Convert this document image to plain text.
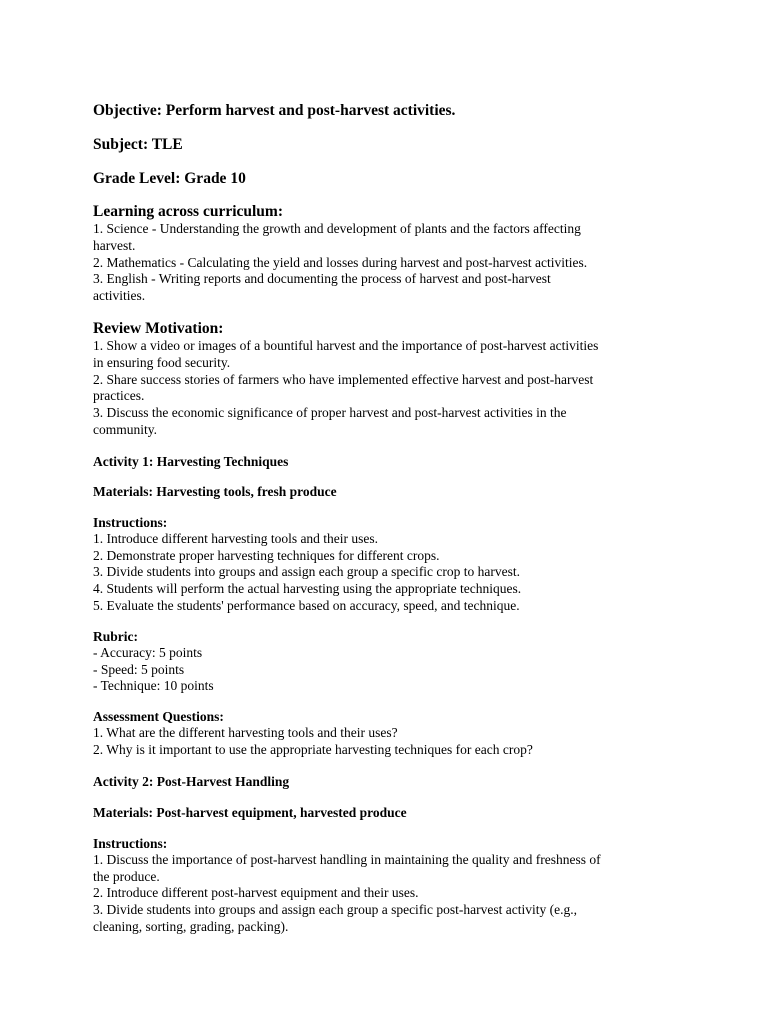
Objective: Perform harvest and post-harvest activities.

Subject: TLE

Grade Level: Grade 10

Learning across curriculum:

1. Science - Understanding the growth and development of plants and the factors affecting

harvest.

2. Mathematics - Calculating the yield and losses during harvest and post-harvest activities.

3. English - Writing reports and documenting the process of harvest and post-harvest

activities.

Review Motivation:

1. Show a video or images of a bountiful harvest and the importance of post-harvest activities

in ensuring food security.

2. Share success stories of farmers who have implemented effective harvest and post-harvest

practices.

3. Discuss the economic significance of proper harvest and post-harvest activities in the

community.

Activity 1: Harvesting Techniques

Materials: Harvesting tools, fresh produce

Instructions:

1. Introduce different harvesting tools and their uses.

2. Demonstrate proper harvesting techniques for different crops.

3. Divide students into groups and assign each group a specific crop to harvest.

4. Students will perform the actual harvesting using the appropriate techniques.

5. Evaluate the students' performance based on accuracy, speed, and technique.

Rubric:

- Accuracy: 5 points

- Speed: 5 points

- Technique: 10 points

Assessment Questions:

1. What are the different harvesting tools and their uses?

2. Why is it important to use the appropriate harvesting techniques for each crop?

Activity 2: Post-Harvest Handling

Materials: Post-harvest equipment, harvested produce

Instructions:

1. Discuss the importance of post-harvest handling in maintaining the quality and freshness of

the produce.

2. Introduce different post-harvest equipment and their uses.

3. Divide students into groups and assign each group a specific post-harvest activity (e.g.,

cleaning, sorting, grading, packing).
